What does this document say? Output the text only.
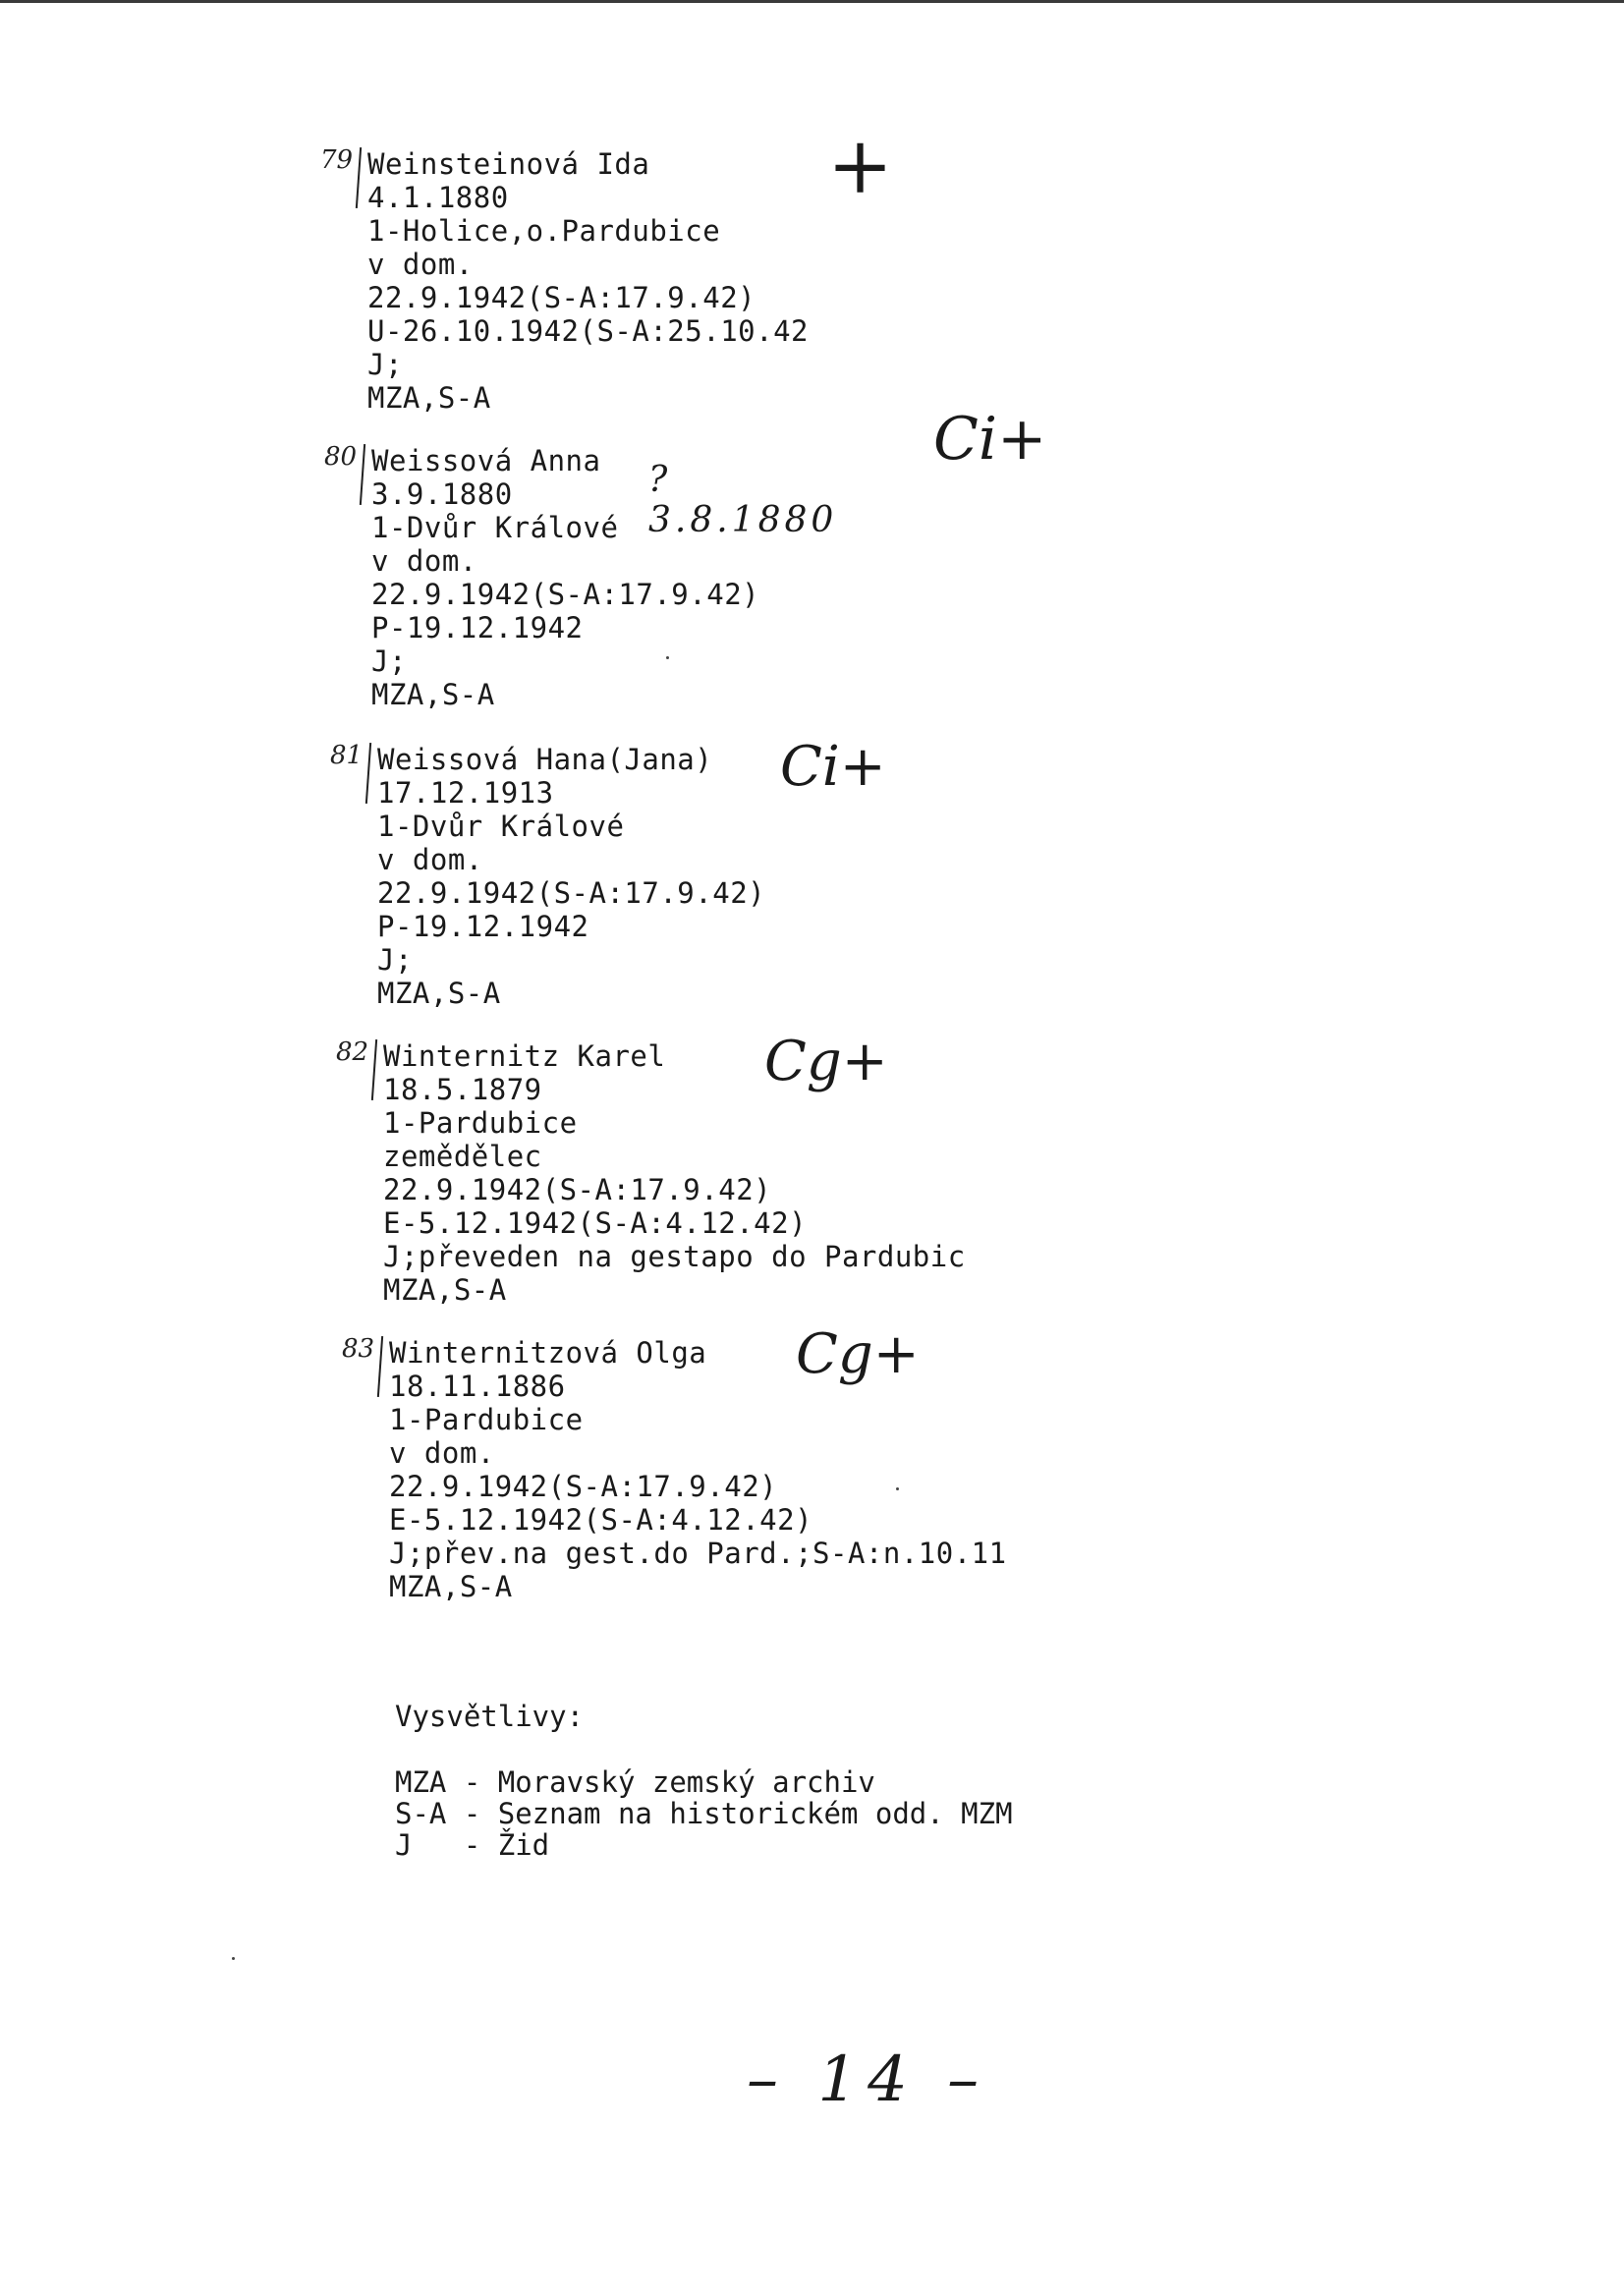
79 Weinsteinová Ida
4.1.1880
1-Holice,o.Pardubice
v dom.
22.9.1942(S-A:17.9.42)
U-26.10.1942(S-A:25.10.42
J;
MZA,S-A
+
80 Weissová Anna
3.9.1880
1-Dvůr Králové
v dom.
22.9.1942(S-A:17.9.42)
P-19.12.1942
J;
MZA,S-A
? 3.8.1880
Ci+
81 Weissová Hana(Jana)
17.12.1913
1-Dvůr Králové
v dom.
22.9.1942(S-A:17.9.42)
P-19.12.1942
J;
MZA,S-A
Ci+
82 Winternitz Karel
18.5.1879
1-Pardubice
zemědělec
22.9.1942(S-A:17.9.42)
E-5.12.1942(S-A:4.12.42)
J;převeden na gestapo do Pardubic
MZA,S-A
Cg+
83 Winternitzová Olga
18.11.1886
1-Pardubice
v dom.
22.9.1942(S-A:17.9.42)
E-5.12.1942(S-A:4.12.42)
J;přev.na gest.do Pard.;S-A:n.10.11
MZA,S-A
Cg+
Vysvětlivy:
MZA - Moravský zemský archiv
S-A - Seznam na historickém odd. MZM
J   - Žid
– 14 –
